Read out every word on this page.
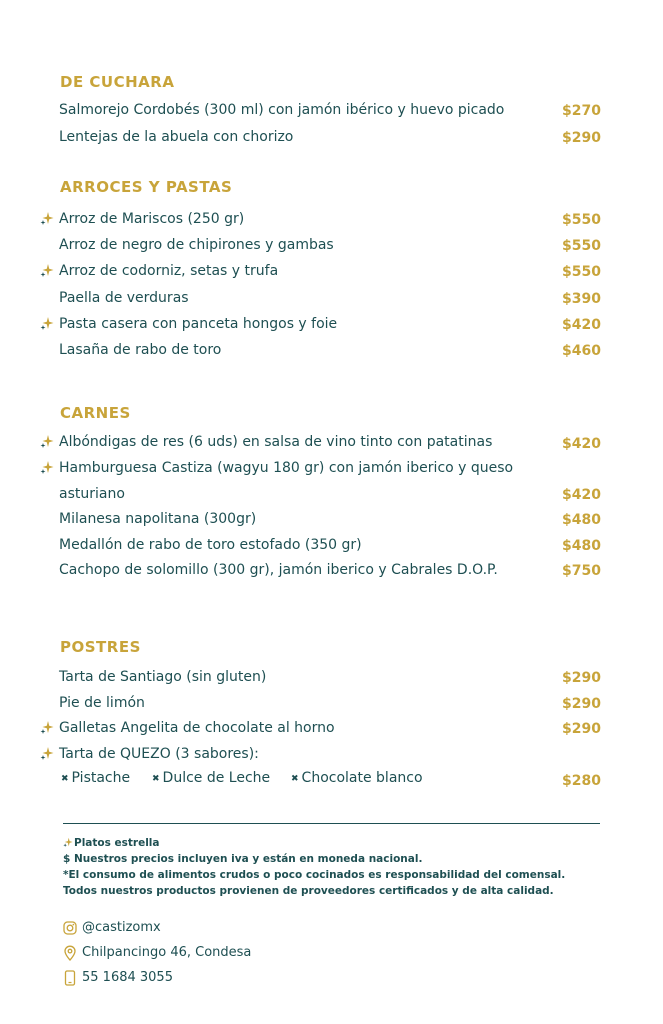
DE CUCHARA
Salmorejo Cordobés (300 ml) con jamón ibérico y huevo picado	$270
Lentejas de la abuela con chorizo	$290
ARROCES Y PASTAS
Arroz de Mariscos (250 gr)	$550
Arroz de negro de chipirones y gambas	$550
Arroz de codorniz, setas y trufa	$550
Paella de verduras	$390
Pasta casera con panceta hongos y foie	$420
Lasaña de rabo de toro	$460
CARNES
Albóndigas de res (6 uds) en salsa de vino tinto con patatinas	$420
Hamburguesa Castiza (wagyu 180 gr) con jamón iberico y queso
asturiano	$420
Milanesa napolitana (300gr)	$480
Medallón de rabo de toro estofado (350 gr)	$480
Cachopo de solomillo (300 gr), jamón iberico y Cabrales D.O.P.	$750
POSTRES
Tarta de Santiago (sin gluten)	$290
Pie de limón	$290
Galletas Angelita de chocolate al horno	$290
Tarta de QUEZO (3 sabores):
✖ Pistache ✖ Dulce de Leche ✖ Chocolate blanco	$280
Platos estrella
$ Nuestros precios incluyen iva y están en moneda nacional.
*El consumo de alimentos crudos o poco cocinados es responsabilidad del comensal.
Todos nuestros productos provienen de proveedores certificados y de alta calidad.
@castizomx
Chilpancingo 46, Condesa
55 1684 3055
